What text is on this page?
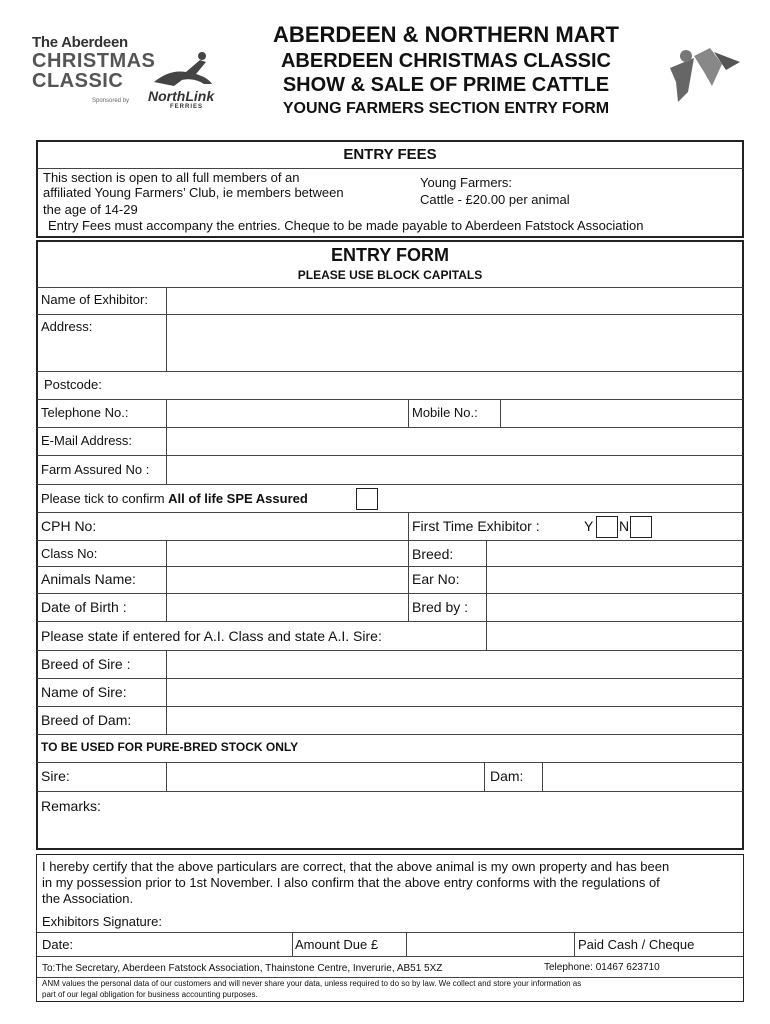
The Aberdeen
CHRISTMAS
CLASSIC
Sponsored by NorthLink
FERRIES
ABERDEEN & NORTHERN MART
ABERDEEN CHRISTMAS CLASSIC
SHOW & SALE OF PRIME CATTLE
YOUNG FARMERS SECTION ENTRY FORM
ENTRY FEES
This section is open to all full members of an
affiliated Young Farmers’ Club, ie members between
the age of 14-29
Young Farmers:
Cattle - £20.00 per animal
Entry Fees must accompany the entries. Cheque to be made payable to Aberdeen Fatstock Association
ENTRY FORM
PLEASE USE BLOCK CAPITALS
Name of Exhibitor:
Address:
Postcode:
Telephone No.:	Mobile No.:
E-Mail Address:
Farm Assured No :
Please tick to confirm All of life SPE Assured
CPH No:	First Time Exhibitor :	Y N
Class No:	Breed:
Animals Name:	Ear No:
Date of Birth :	Bred by :
Please state if entered for A.I. Class and state A.I. Sire:
Breed of Sire :
Name of Sire:
Breed of Dam:
TO BE USED FOR PURE-BRED STOCK ONLY
Sire:	Dam:
Remarks:
I hereby certify that the above particulars are correct, that the above animal is my own property and has been
in my possession prior to 1st November. I also confirm that the above entry conforms with the regulations of
the Association.
Exhibitors Signature:
Date:	Amount Due £	Paid Cash / Cheque
To:The Secretary, Aberdeen Fatstock Association, Thainstone Centre, Inverurie, AB51 5XZ	Telephone: 01467 623710
ANM values the personal data of our customers and will never share your data, unless required to do so by law. We collect and store your information as
part of our legal obligation for business accounting purposes.
